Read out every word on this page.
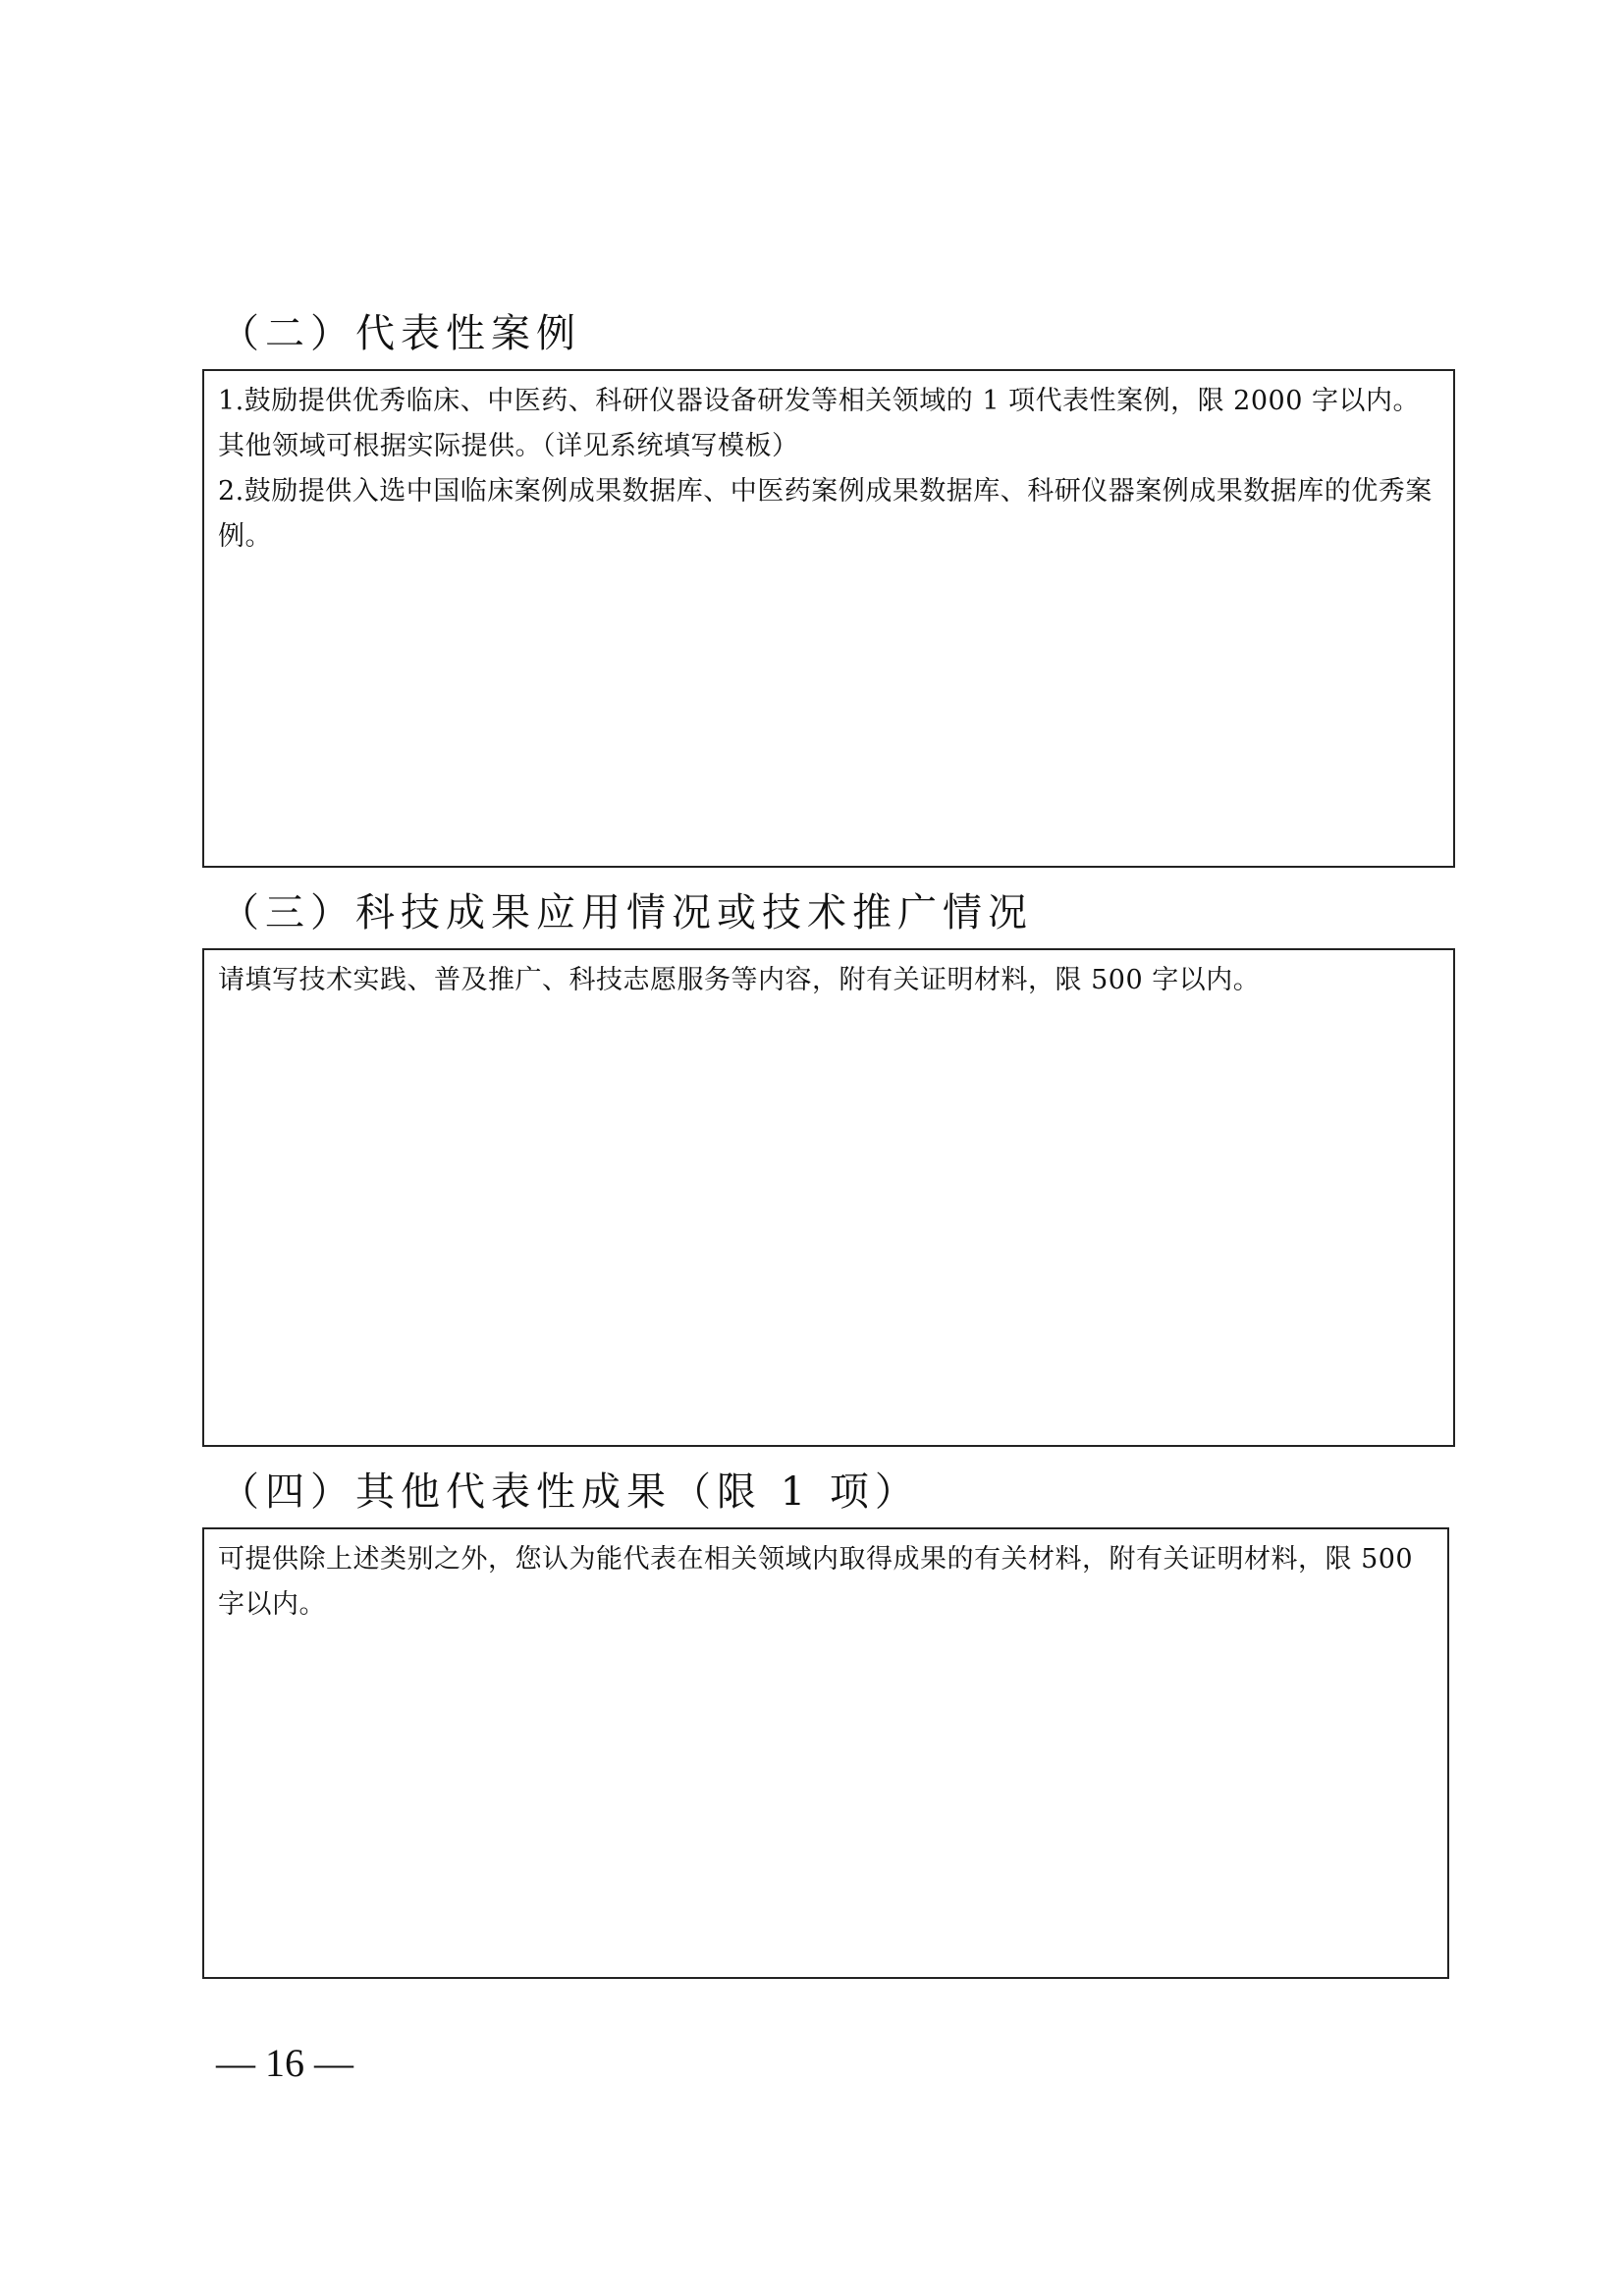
（二）代表性案例

1.鼓励提供优秀临床、中医药、科研仪器设备研发等相关领域的 1 项代表性案例，限 2000 字以内。其他领域可根据实际提供。（详见系统填写模板）

2.鼓励提供入选中国临床案例成果数据库、中医药案例成果数据库、科研仪器案例成果数据库的优秀案例。

（三）科技成果应用情况或技术推广情况

请填写技术实践、普及推广、科技志愿服务等内容，附有关证明材料，限 500 字以内。

（四）其他代表性成果（限 1 项）

可提供除上述类别之外，您认为能代表在相关领域内取得成果的有关材料，附有关证明材料，限 500 字以内。

— 16 —
